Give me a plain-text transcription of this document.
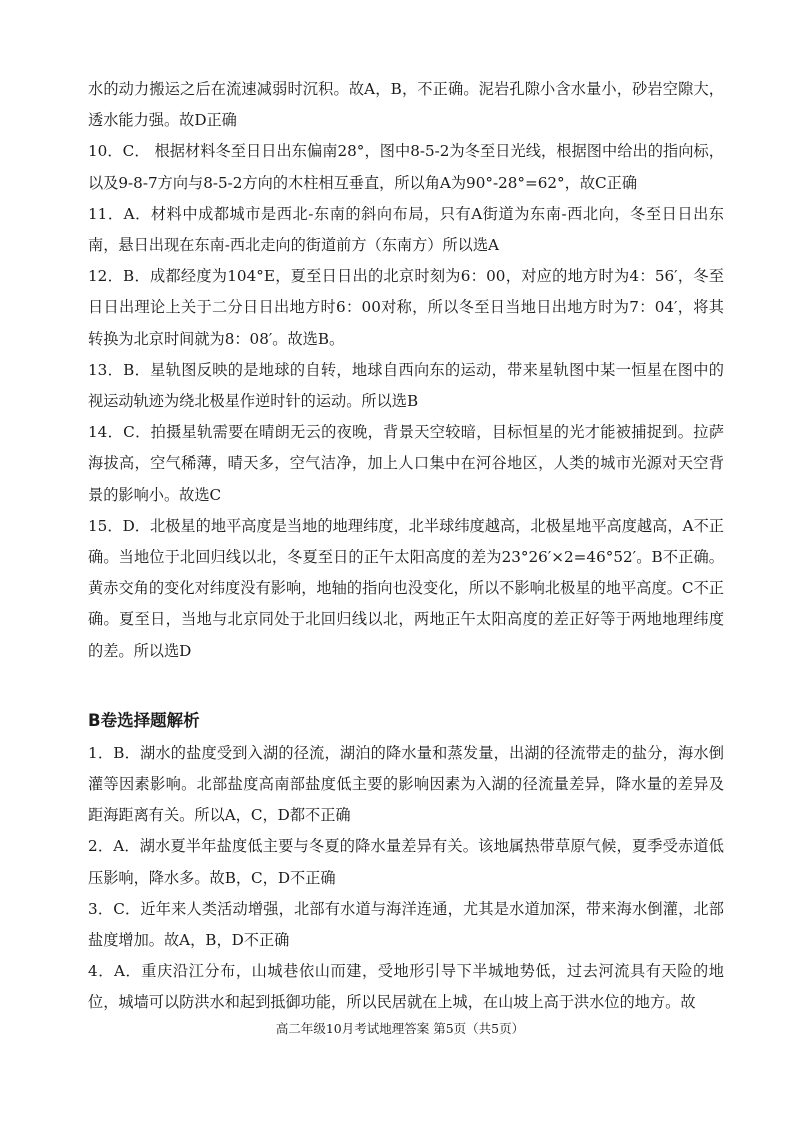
水的动力搬运之后在流速减弱时沉积。故A，B，不正确。泥岩孔隙小含水量小，砂岩空隙大，透水能力强。故D正确

10．C． 根据材料冬至日日出东偏南28°，图中8-5-2为冬至日光线，根据图中给出的指向标，以及9-8-7方向与8-5-2方向的木柱相互垂直，所以角A为90°-28°=62°，故C正确

11．A．材料中成都城市是西北-东南的斜向布局，只有A街道为东南-西北向，冬至日日出东南，悬日出现在东南-西北走向的街道前方（东南方）所以选A

12．B．成都经度为104°E，夏至日日出的北京时刻为6：00，对应的地方时为4：56′，冬至日日出理论上关于二分日日出地方时6：00对称，所以冬至日当地日出地方时为7：04′，将其转换为北京时间就为8：08′。故选B。

13．B．星轨图反映的是地球的自转，地球自西向东的运动，带来星轨图中某一恒星在图中的视运动轨迹为绕北极星作逆时针的运动。所以选B

14．C．拍摄星轨需要在晴朗无云的夜晚，背景天空较暗，目标恒星的光才能被捕捉到。拉萨海拔高，空气稀薄，晴天多，空气洁净，加上人口集中在河谷地区，人类的城市光源对天空背景的影响小。故选C

15．D．北极星的地平高度是当地的地理纬度，北半球纬度越高，北极星地平高度越高，A不正确。当地位于北回归线以北，冬夏至日的正午太阳高度的差为23°26′×2=46°52′。B不正确。黄赤交角的变化对纬度没有影响，地轴的指向也没变化，所以不影响北极星的地平高度。C不正确。夏至日，当地与北京同处于北回归线以北，两地正午太阳高度的差正好等于两地地理纬度的差。所以选D

B卷选择题解析

1．B．湖水的盐度受到入湖的径流，湖泊的降水量和蒸发量，出湖的径流带走的盐分，海水倒灌等因素影响。北部盐度高南部盐度低主要的影响因素为入湖的径流量差异，降水量的差异及距海距离有关。所以A，C，D都不正确

2．A．湖水夏半年盐度低主要与冬夏的降水量差异有关。该地属热带草原气候，夏季受赤道低压影响，降水多。故B，C，D不正确

3．C．近年来人类活动增强，北部有水道与海洋连通，尤其是水道加深，带来海水倒灌，北部盐度增加。故A，B，D不正确

4．A．重庆沿江分布，山城巷依山而建，受地形引导下半城地势低，过去河流具有天险的地位，城墙可以防洪水和起到抵御功能，所以民居就在上城，在山坡上高于洪水位的地方。故

高二年级10月考试地理答案 第5页（共5页）
